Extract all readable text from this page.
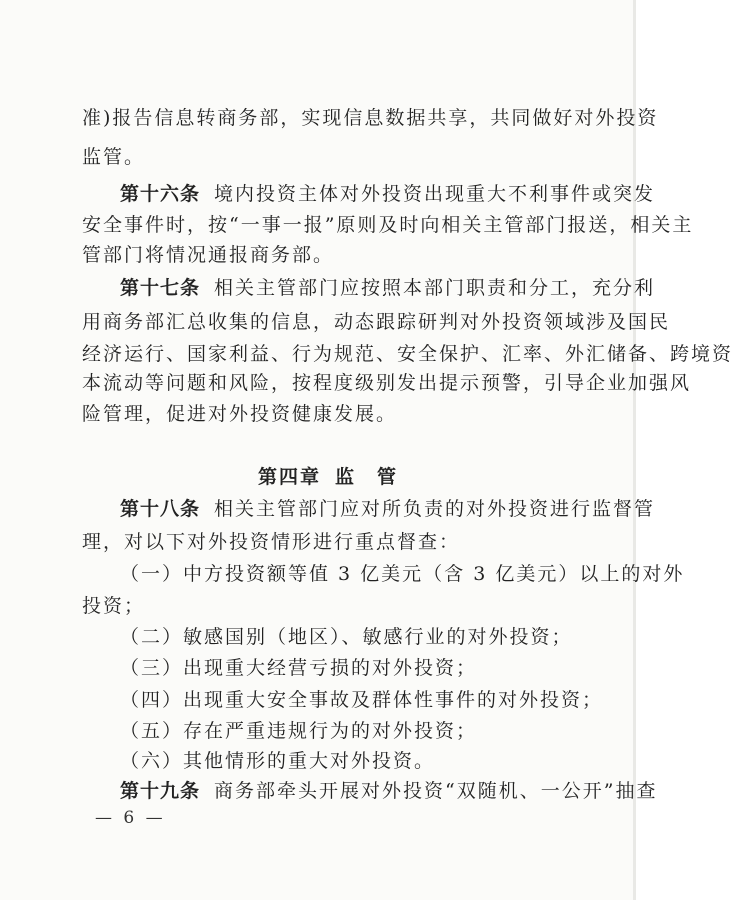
准)报告信息转商务部，实现信息数据共享，共同做好对外投资
监管。
第十六条 境内投资主体对外投资出现重大不利事件或突发
安全事件时，按“一事一报”原则及时向相关主管部门报送，相关主
管部门将情况通报商务部。
第十七条 相关主管部门应按照本部门职责和分工，充分利
用商务部汇总收集的信息，动态跟踪研判对外投资领域涉及国民
经济运行、国家利益、行为规范、安全保护、汇率、外汇储备、跨境资
本流动等问题和风险，按程度级别发出提示预警，引导企业加强风
险管理，促进对外投资健康发展。
第四章 监　管
第十八条 相关主管部门应对所负责的对外投资进行监督管
理，对以下对外投资情形进行重点督查：
（一）中方投资额等值 3 亿美元（含 3 亿美元）以上的对外
投资；
（二）敏感国别（地区）、敏感行业的对外投资；
（三）出现重大经营亏损的对外投资；
（四）出现重大安全事故及群体性事件的对外投资；
（五）存在严重违规行为的对外投资；
（六）其他情形的重大对外投资。
第十九条 商务部牵头开展对外投资“双随机、一公开”抽查
— 6 —
